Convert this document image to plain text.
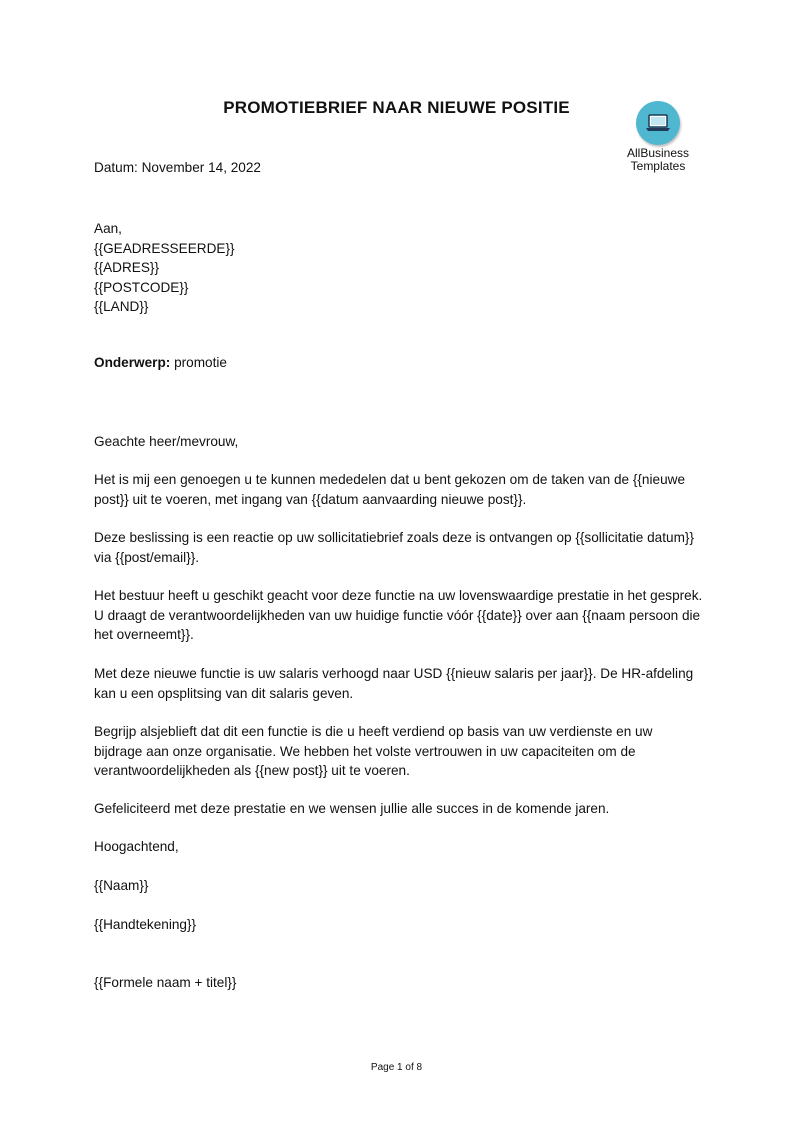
PROMOTIEBRIEF NAAR NIEUWE POSITIE
AllBusiness
Templates
Datum: November 14, 2022
Aan,
{{GEADRESSEERDE}}
{{ADRES}}
{{POSTCODE}}
{{LAND}}
Onderwerp: promotie
Geachte heer/mevrouw,
Het is mij een genoegen u te kunnen mededelen dat u bent gekozen om de taken van de {{nieuwe
post}} uit te voeren, met ingang van {{datum aanvaarding nieuwe post}}.
Deze beslissing is een reactie op uw sollicitatiebrief zoals deze is ontvangen op {{sollicitatie datum}}
via {{post/email}}.
Het bestuur heeft u geschikt geacht voor deze functie na uw lovenswaardige prestatie in het gesprek.
U draagt de verantwoordelijkheden van uw huidige functie vóór {{date}} over aan {{naam persoon die
het overneemt}}.
Met deze nieuwe functie is uw salaris verhoogd naar USD {{nieuw salaris per jaar}}. De HR-afdeling
kan u een opsplitsing van dit salaris geven.
Begrijp alsjeblieft dat dit een functie is die u heeft verdiend op basis van uw verdienste en uw
bijdrage aan onze organisatie. We hebben het volste vertrouwen in uw capaciteiten om de
verantwoordelijkheden als {{new post}} uit te voeren.
Gefeliciteerd met deze prestatie en we wensen jullie alle succes in de komende jaren.
Hoogachtend,
{{Naam}}
{{Handtekening}}
{{Formele naam + titel}}
Page 1 of 8
